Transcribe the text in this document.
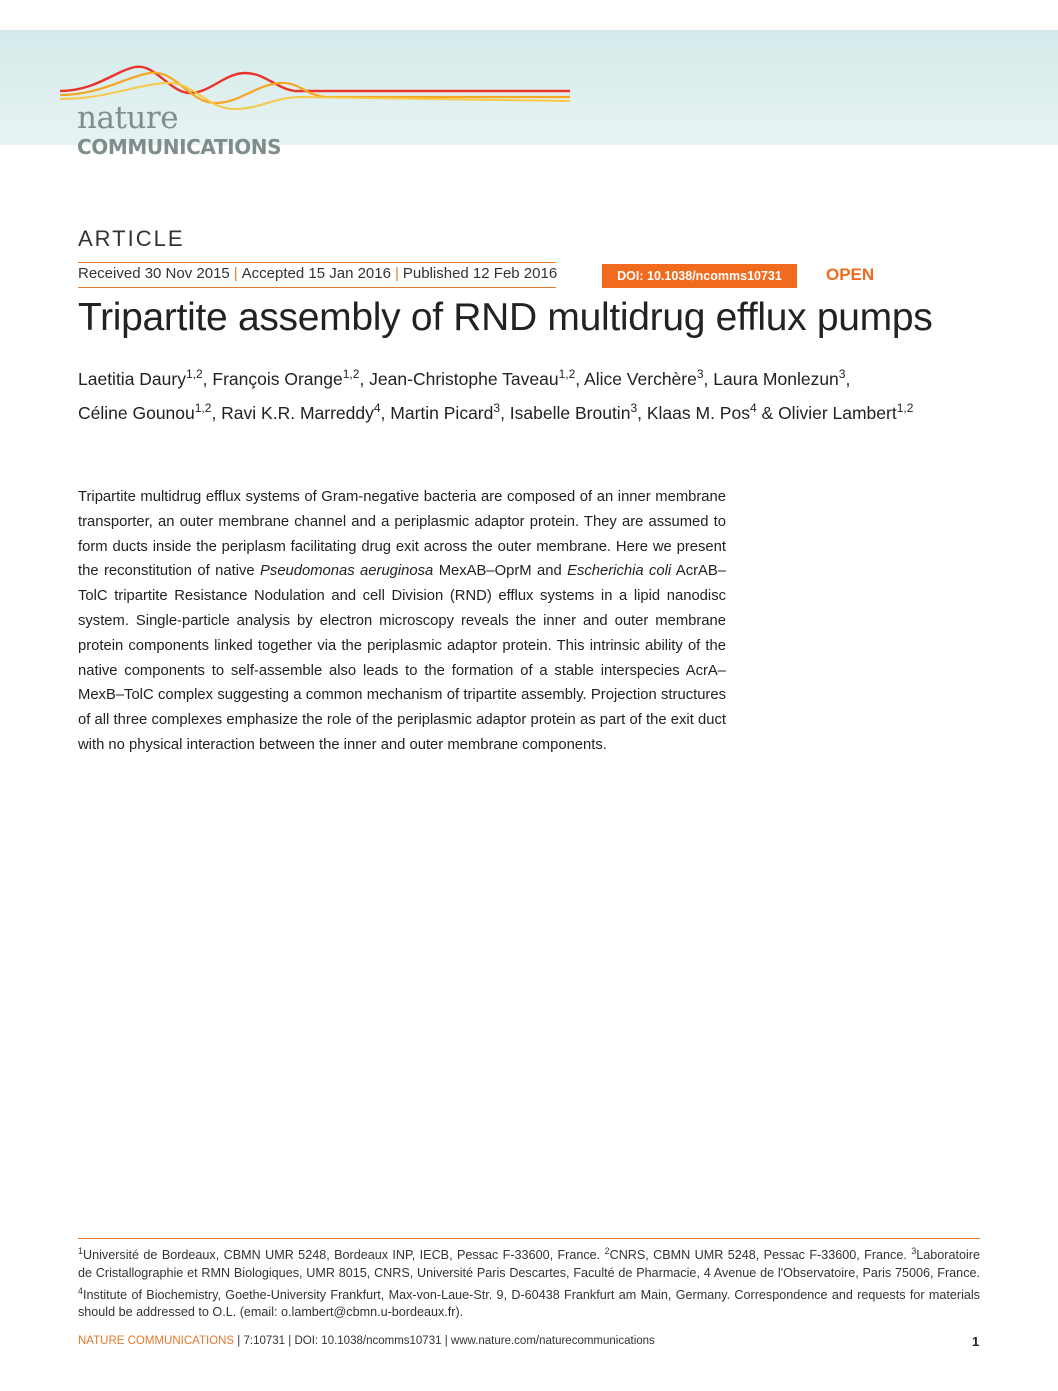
nature
COMMUNICATIONS
ARTICLE
Received 30 Nov 2015 | Accepted 15 Jan 2016 | Published 12 Feb 2016	DOI: 10.1038/ncomms10731	OPEN
Tripartite assembly of RND multidrug efflux pumps
Laetitia Daury$^{1,2}$, François Orange$^{1,2}$, Jean-Christophe Taveau$^{1,2}$, Alice Verchère$^3$, Laura Monlezun$^3$,
Céline Gounou$^{1,2}$, Ravi K.R. Marreddy$^4$, Martin Picard$^3$, Isabelle Broutin$^3$, Klaas M. Pos$^4$ & Olivier Lambert$^{1,2}$
Tripartite multidrug efflux systems of Gram-negative bacteria are composed of an inner membrane transporter, an outer membrane channel and a periplasmic adaptor protein. They are assumed to form ducts inside the periplasm facilitating drug exit across the outer membrane. Here we present the reconstitution of native Pseudomonas aeruginosa MexAB–OprM and Escherichia coli AcrAB–TolC tripartite Resistance Nodulation and cell Division (RND) efflux systems in a lipid nanodisc system. Single-particle analysis by electron microscopy reveals the inner and outer membrane protein components linked together via the periplasmic adaptor protein. This intrinsic ability of the native components to self-assemble also leads to the formation of a stable interspecies AcrA–MexB–TolC complex suggesting a common mechanism of tripartite assembly. Projection structures of all three complexes emphasize the role of the periplasmic adaptor protein as part of the exit duct with no physical interaction between the inner and outer membrane components.
$^1$Université de Bordeaux, CBMN UMR 5248, Bordeaux INP, IECB, Pessac F-33600, France. $^2$CNRS, CBMN UMR 5248, Pessac F-33600, France. $^3$Laboratoire de Cristallographie et RMN Biologiques, UMR 8015, CNRS, Université Paris Descartes, Faculté de Pharmacie, 4 Avenue de l'Observatoire, Paris 75006, France. $^4$Institute of Biochemistry, Goethe-University Frankfurt, Max-von-Laue-Str. 9, D-60438 Frankfurt am Main, Germany. Correspondence and requests for materials should be addressed to O.L. (email: o.lambert@cbmn.u-bordeaux.fr).
NATURE COMMUNICATIONS | 7:10731 | DOI: 10.1038/ncomms10731 | www.nature.com/naturecommunications	1
